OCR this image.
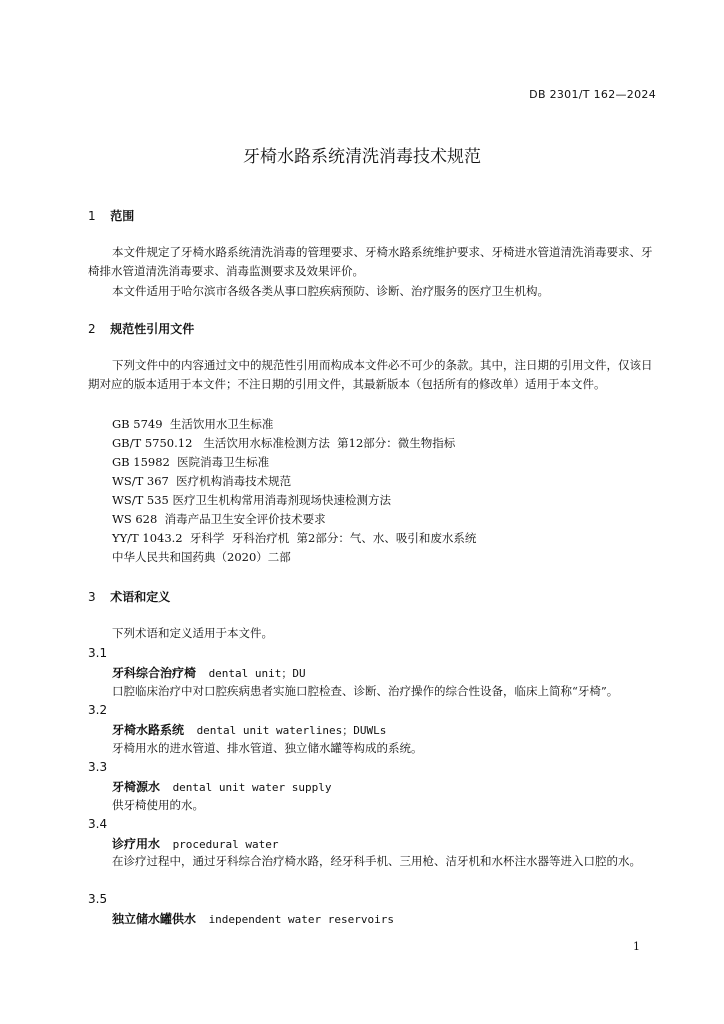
DB 2301/T 162—2024
牙椅水路系统清洗消毒技术规范
1 范围
本文件规定了牙椅水路系统清洗消毒的管理要求、牙椅水路系统维护要求、牙椅进水管道清洗消毒要求、牙椅排水管道清洗消毒要求、消毒监测要求及效果评价。
本文件适用于哈尔滨市各级各类从事口腔疾病预防、诊断、治疗服务的医疗卫生机构。
2 规范性引用文件
下列文件中的内容通过文中的规范性引用而构成本文件必不可少的条款。其中，注日期的引用文件，仅该日期对应的版本适用于本文件；不注日期的引用文件，其最新版本（包括所有的修改单）适用于本文件。
GB 5749  生活饮用水卫生标准
GB/T 5750.12   生活饮用水标准检测方法  第12部分：微生物指标
GB 15982  医院消毒卫生标准
WS/T 367  医疗机构消毒技术规范
WS/T 535 医疗卫生机构常用消毒剂现场快速检测方法
WS 628  消毒产品卫生安全评价技术要求
YY/T 1043.2  牙科学  牙科治疗机  第2部分：气、水、吸引和废水系统
中华人民共和国药典（2020）二部
3 术语和定义
下列术语和定义适用于本文件。
3.1
牙科综合治疗椅 dental unit；DU
口腔临床治疗中对口腔疾病患者实施口腔检查、诊断、治疗操作的综合性设备，临床上简称“牙椅”。
3.2
牙椅水路系统 dental unit waterlines；DUWLs
牙椅用水的进水管道、排水管道、独立储水罐等构成的系统。
3.3
牙椅源水 dental unit water supply
供牙椅使用的水。
3.4
诊疗用水 procedural water
在诊疗过程中，通过牙科综合治疗椅水路，经牙科手机、三用枪、洁牙机和水杯注水器等进入口腔的水。
3.5
独立储水罐供水 independent water reservoirs
1
